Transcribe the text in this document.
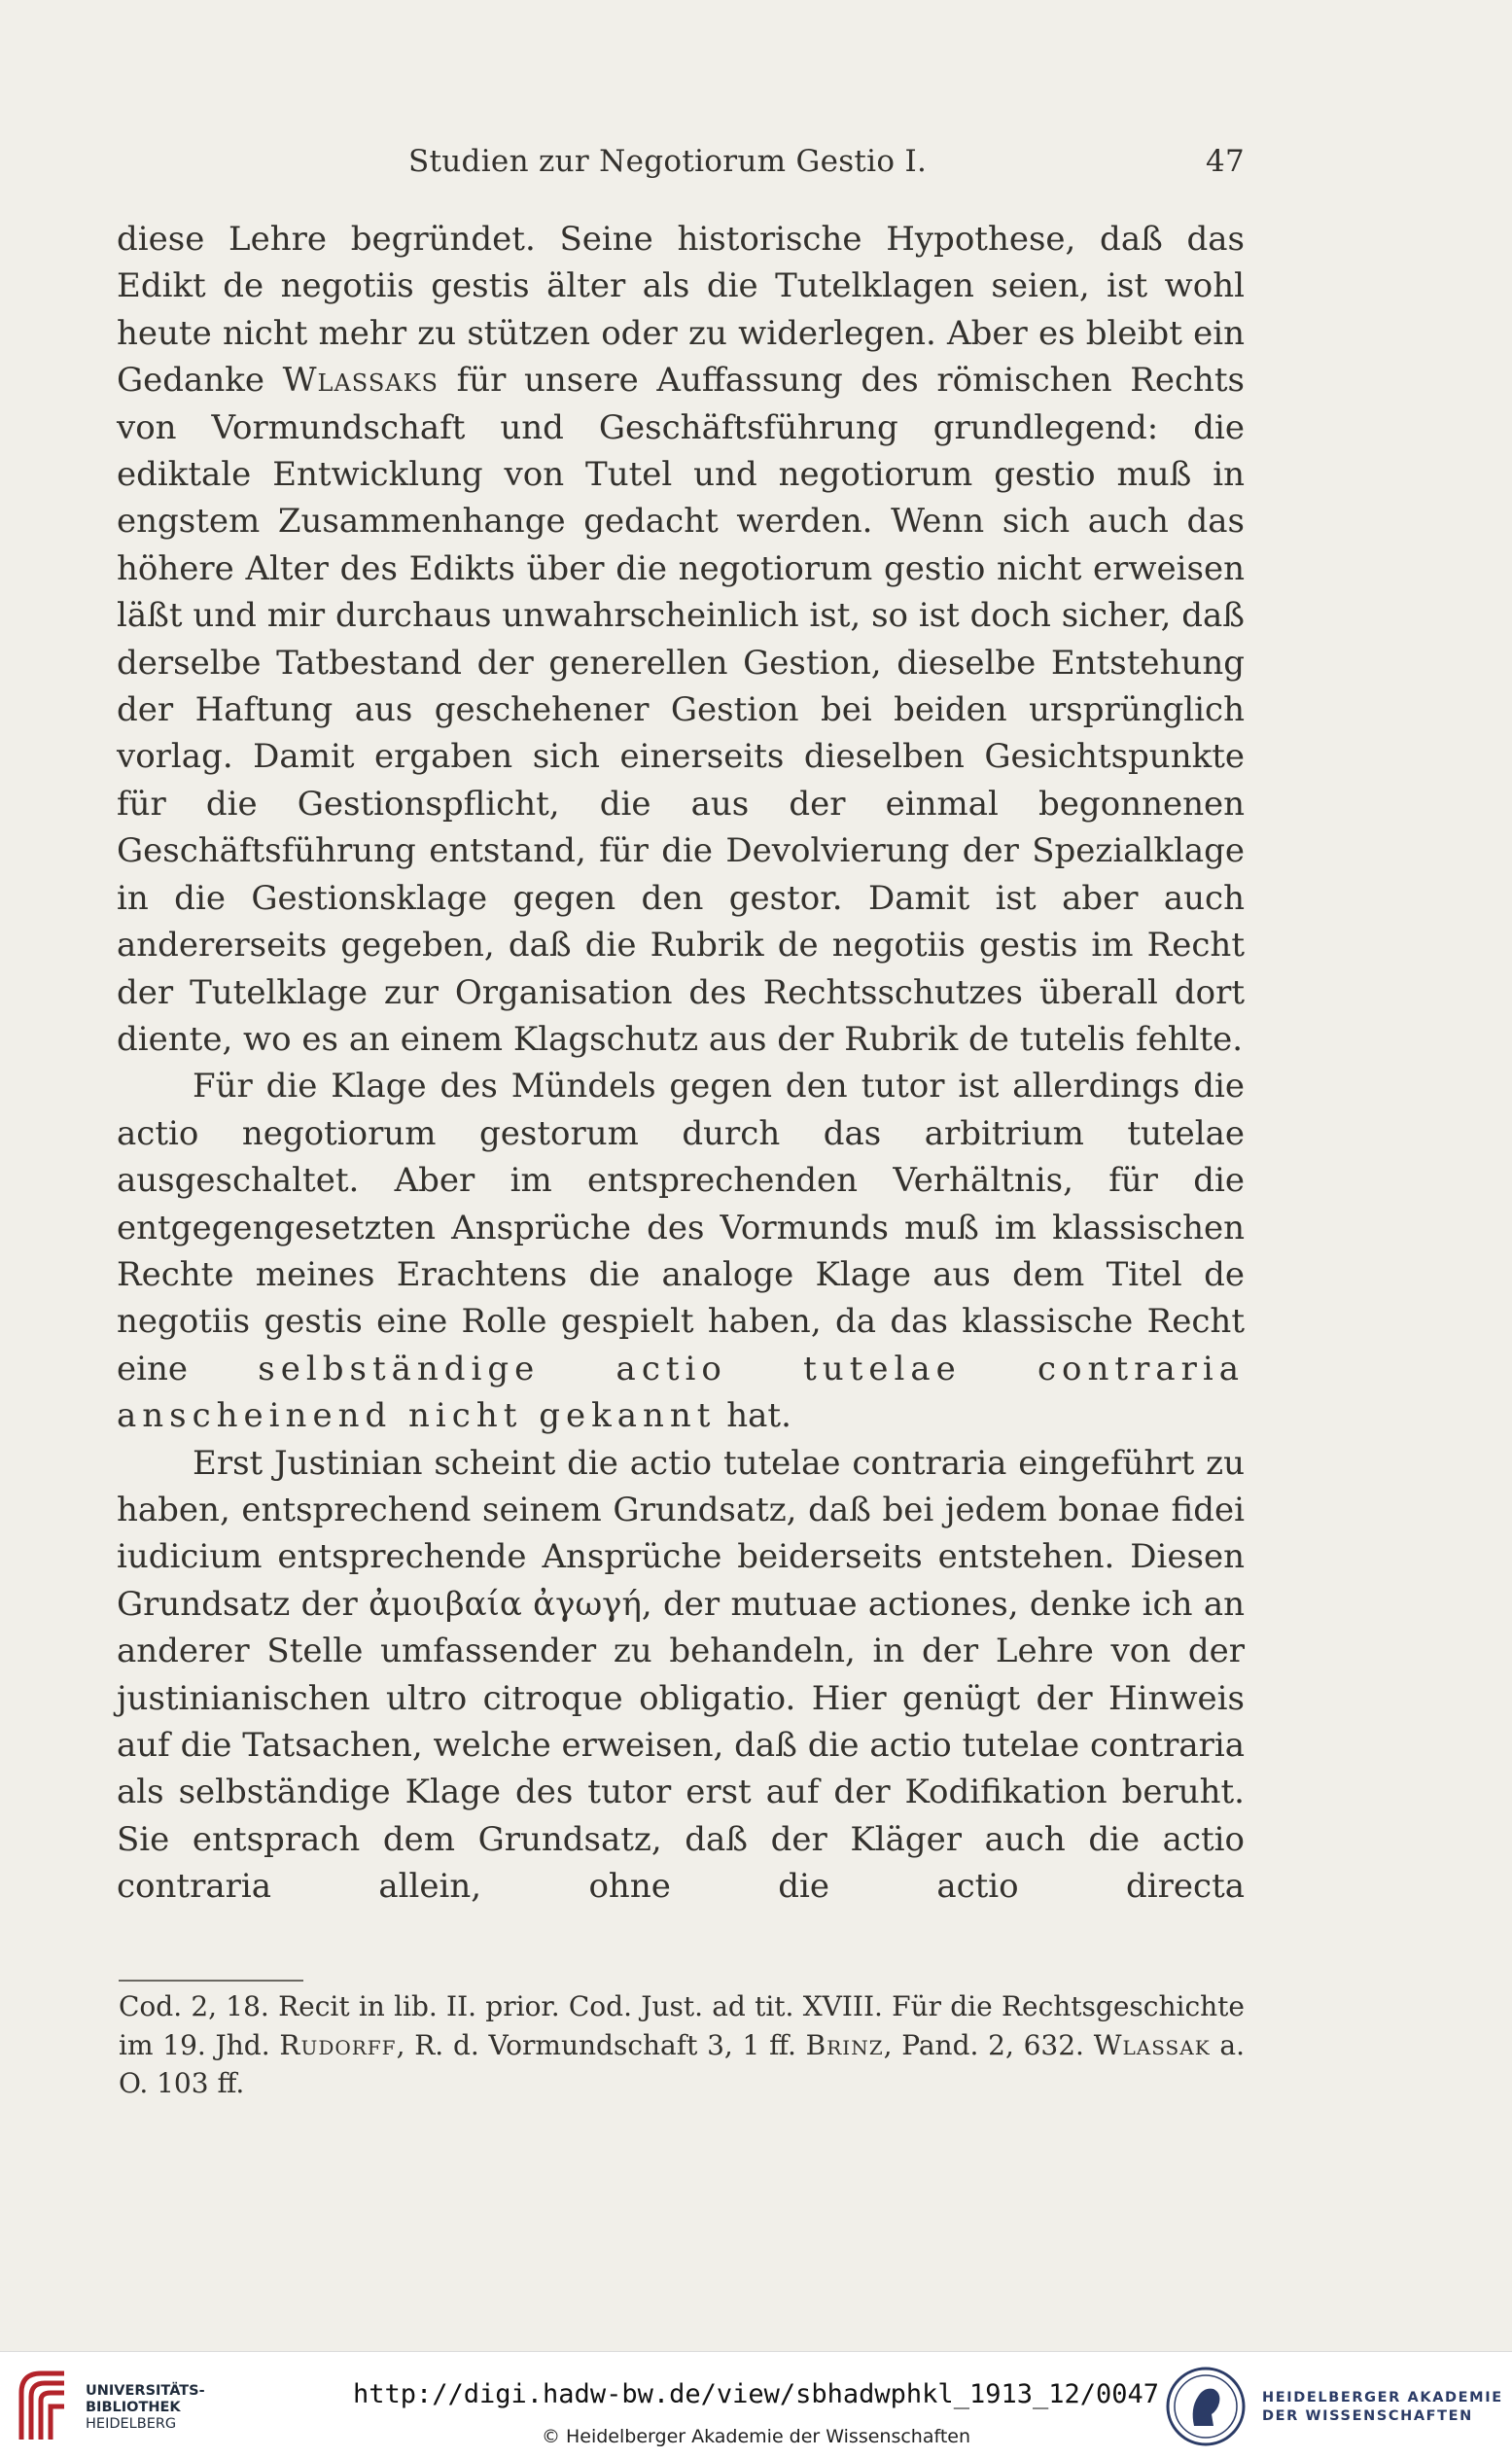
Studien zur Negotiorum Gestio I.	47

diese Lehre begründet. Seine historische Hypothese, daß das Edikt de negotiis gestis älter als die Tutelklagen seien, ist wohl heute nicht mehr zu stützen oder zu widerlegen. Aber es bleibt ein Gedanke Wlassaks für unsere Auffassung des römischen Rechts von Vormundschaft und Geschäftsführung grundlegend: die ediktale Entwicklung von Tutel und negotiorum gestio muß in engstem Zusammenhange gedacht werden. Wenn sich auch das höhere Alter des Edikts über die negotiorum gestio nicht erweisen läßt und mir durchaus unwahrscheinlich ist, so ist doch sicher, daß derselbe Tatbestand der generellen Gestion, dieselbe Entstehung der Haftung aus geschehener Gestion bei beiden ursprünglich vorlag. Damit ergaben sich einerseits dieselben Gesichtspunkte für die Gestionspflicht, die aus der einmal begonnenen Geschäftsführung entstand, für die Devolvierung der Spezialklage in die Gestionsklage gegen den gestor. Damit ist aber auch andererseits gegeben, daß die Rubrik de negotiis gestis im Recht der Tutelklage zur Organisation des Rechtsschutzes überall dort diente, wo es an einem Klagschutz aus der Rubrik de tutelis fehlte.

Für die Klage des Mündels gegen den tutor ist allerdings die actio negotiorum gestorum durch das arbitrium tutelae ausgeschaltet. Aber im entsprechenden Verhältnis, für die entgegengesetzten Ansprüche des Vormunds muß im klassischen Rechte meines Erachtens die analoge Klage aus dem Titel de negotiis gestis eine Rolle gespielt haben, da das klassische Recht eine selbständige actio tutelae contraria anscheinend nicht gekannt hat.

Erst Justinian scheint die actio tutelae contraria eingeführt zu haben, entsprechend seinem Grundsatz, daß bei jedem bonae fidei iudicium entsprechende Ansprüche beiderseits entstehen. Diesen Grundsatz der ἀμοιβαία ἀγωγή, der mutuae actiones, denke ich an anderer Stelle umfassender zu behandeln, in der Lehre von der justinianischen ultro citroque obligatio. Hier genügt der Hinweis auf die Tatsachen, welche erweisen, daß die actio tutelae contraria als selbständige Klage des tutor erst auf der Kodifikation beruht. Sie entsprach dem Grundsatz, daß der Kläger auch die actio contraria allein, ohne die actio directa

Cod. 2, 18. Recit in lib. II. prior. Cod. Just. ad tit. XVIII. Für die Rechtsgeschichte im 19. Jhd. Rudorff, R. d. Vormundschaft 3, 1 ff. Brinz, Pand. 2, 632. Wlassak a. O. 103 ff.

UNIVERSITÄTS-
BIBLIOTHEK
HEIDELBERG
http://digi.hadw-bw.de/view/sbhadwphkl_1913_12/0047
© Heidelberger Akademie der Wissenschaften
HEIDELBERGER AKADEMIE
DER WISSENSCHAFTEN
